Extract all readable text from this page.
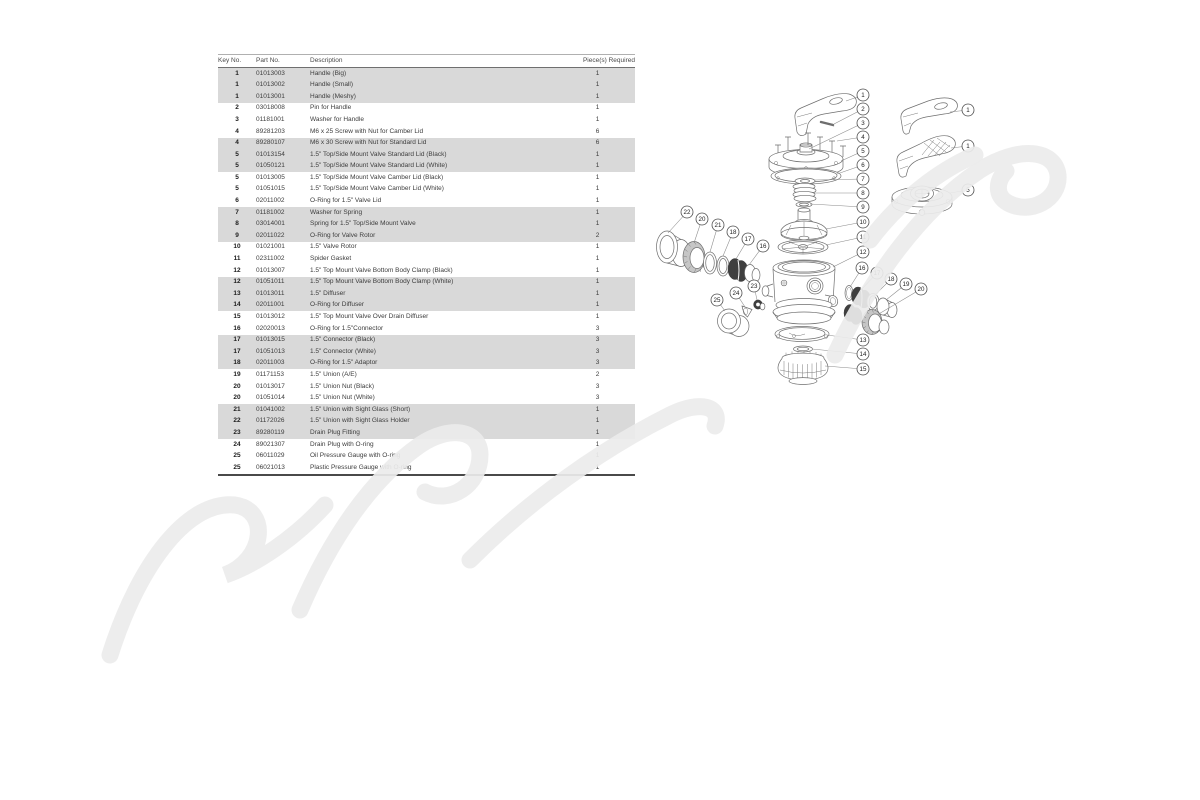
Key No.	Part No.	Description	Piece(s) Required
1	01013003	Handle (Big)	1
1	01013002	Handle (Small)	1
1	01013001	Handle (Meshy)	1
2	03018008	Pin for Handle	1
3	01181001	Washer for Handle	1
4	89281203	M6 x 25 Screw with Nut for Camber Lid	6
4	89280107	M6 x 30 Screw with Nut for Standard Lid	6
5	01013154	1.5" Top/Side Mount Valve Standard Lid (Black)	1
5	01050121	1.5" Top/Side Mount Valve Standard Lid (White)	1
5	01013005	1.5" Top/Side Mount Valve Camber Lid (Black)	1
5	01051015	1.5" Top/Side Mount Valve Camber Lid (White)	1
6	02011002	O-Ring for 1.5" Valve Lid	1
7	01181002	Washer for Spring	1
8	03014001	Spring for 1.5" Top/Side Mount Valve	1
9	02011022	O-Ring for Valve Rotor	2
10	01021001	1.5" Valve Rotor	1
11	02311002	Spider Gasket	1
12	01013007	1.5" Top Mount Valve Bottom Body Clamp (Black)	1
12	01051011	1.5" Top Mount Valve Bottom Body Clamp (White)	1
13	01013011	1.5" Diffuser	1
14	02011001	O-Ring for Diffuser	1
15	01013012	1.5" Top Mount Valve Over Drain Diffuser	1
16	02020013	O-Ring for 1.5"Connector	3
17	01013015	1.5" Connector (Black)	3
17	01051013	1.5" Connector (White)	3
18	02011003	O-Ring for 1.5" Adaptor	3
19	01171153	1.5" Union (A/E)	2
20	01013017	1.5" Union Nut (Black)	3
20	01051014	1.5" Union Nut (White)	3
21	01041002	1.5" Union with Sight Glass (Short)	1
22	01172026	1.5" Union with Sight Glass Holder	1
23	89280119	Drain Plug Fitting	1
24	89021307	Drain Plug with O-ring	1
25	06011029	Oil Pressure Gauge with O-ring	1
25	06021013	Plastic Pressure Gauge with O-ring	1
1
2
3
4
5
6
7
8
9
10
11
12
13
14
15
16
17
18
19
20
22
20
21
18
17
16
25
24
23
1
1
5
